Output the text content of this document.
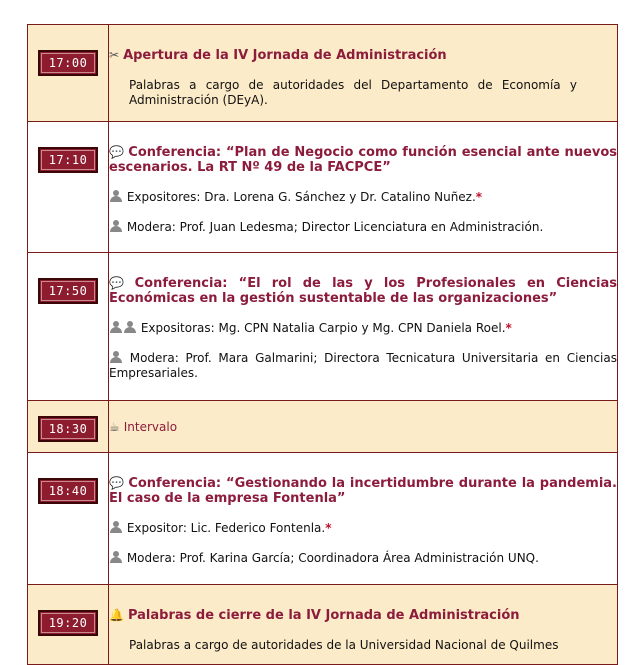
17:00	✂ Apertura de la IV Jornada de Administración

Palabras a cargo de autoridades del Departamento de Economía y Administración (DEyA).

17:10	💬 Conferencia: “Plan de Negocio como función esencial ante nuevos escenarios. La RT Nº 49 de la FACPCE”

Expositores: Dra. Lorena G. Sánchez y Dr. Catalino Nuñez.*

Modera: Prof. Juan Ledesma; Director Licenciatura en Administración.

17:50	💬 Conferencia: “El rol de las y los Profesionales en Ciencias Económicas en la gestión sustentable de las organizaciones”

Expositoras: Mg. CPN Natalia Carpio y Mg. CPN Daniela Roel.*

Modera: Prof. Mara Galmarini; Directora Tecnicatura Universitaria en Ciencias Empresariales.

18:30	☕ Intervalo

18:40	💬 Conferencia: “Gestionando la incertidumbre durante la pandemia. El caso de la empresa Fontenla”

Expositor: Lic. Federico Fontenla.*

Modera: Prof. Karina García; Coordinadora Área Administración UNQ.

19:20	🔔 Palabras de cierre de la IV Jornada de Administración

Palabras a cargo de autoridades de la Universidad Nacional de Quilmes
